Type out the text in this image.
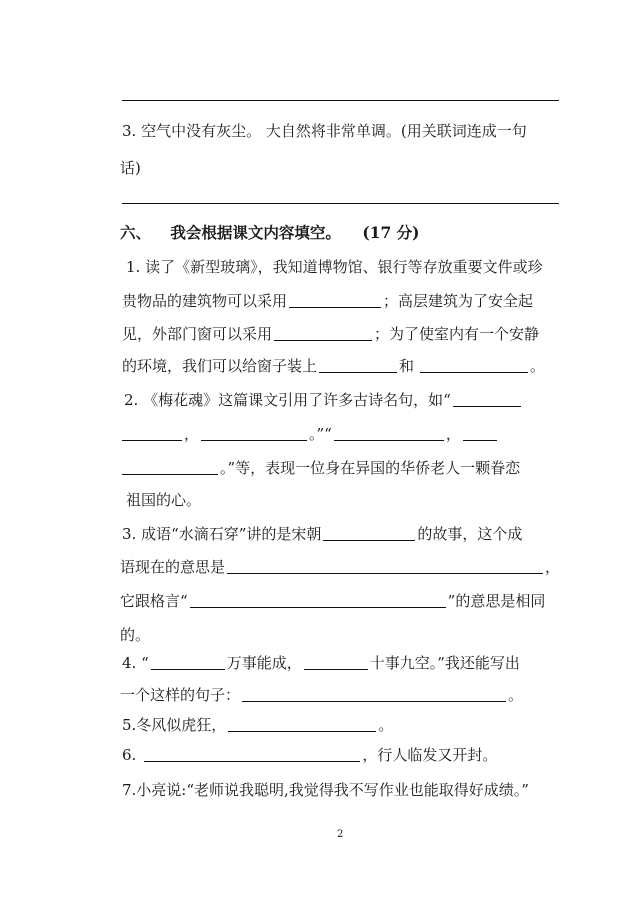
3. 空气中没有灰尘。 大自然将非常单调。(用关联词连成一句
话)
六、 我会根据课文内容填空。 (17 分)
1. 读了《新型玻璃》，我知道博物馆、银行等存放重要文件或珍
贵物品的建筑物可以采用	；高层建筑为了安全起
见，外部门窗可以采用	；为了使室内有一个安静
的环境，我们可以给窗子装上	和	。
2. 《梅花魂》这篇课文引用了许多古诗名句，如“
，	。”“	，
。”等，表现一位身在异国的华侨老人一颗眷恋
祖国的心。
3. 成语“水滴石穿”讲的是宋朝	的故事，这个成
语现在的意思是	，
它跟格言“	”的意思是相同
的。
4. “	万事能成，	十事九空。”我还能写出
一个这样的句子：	。
5.冬风似虎狂，	。
6.	，行人临发又开封。
7.小亮说:“老师说我聪明,我觉得我不写作业也能取得好成绩。”
2
